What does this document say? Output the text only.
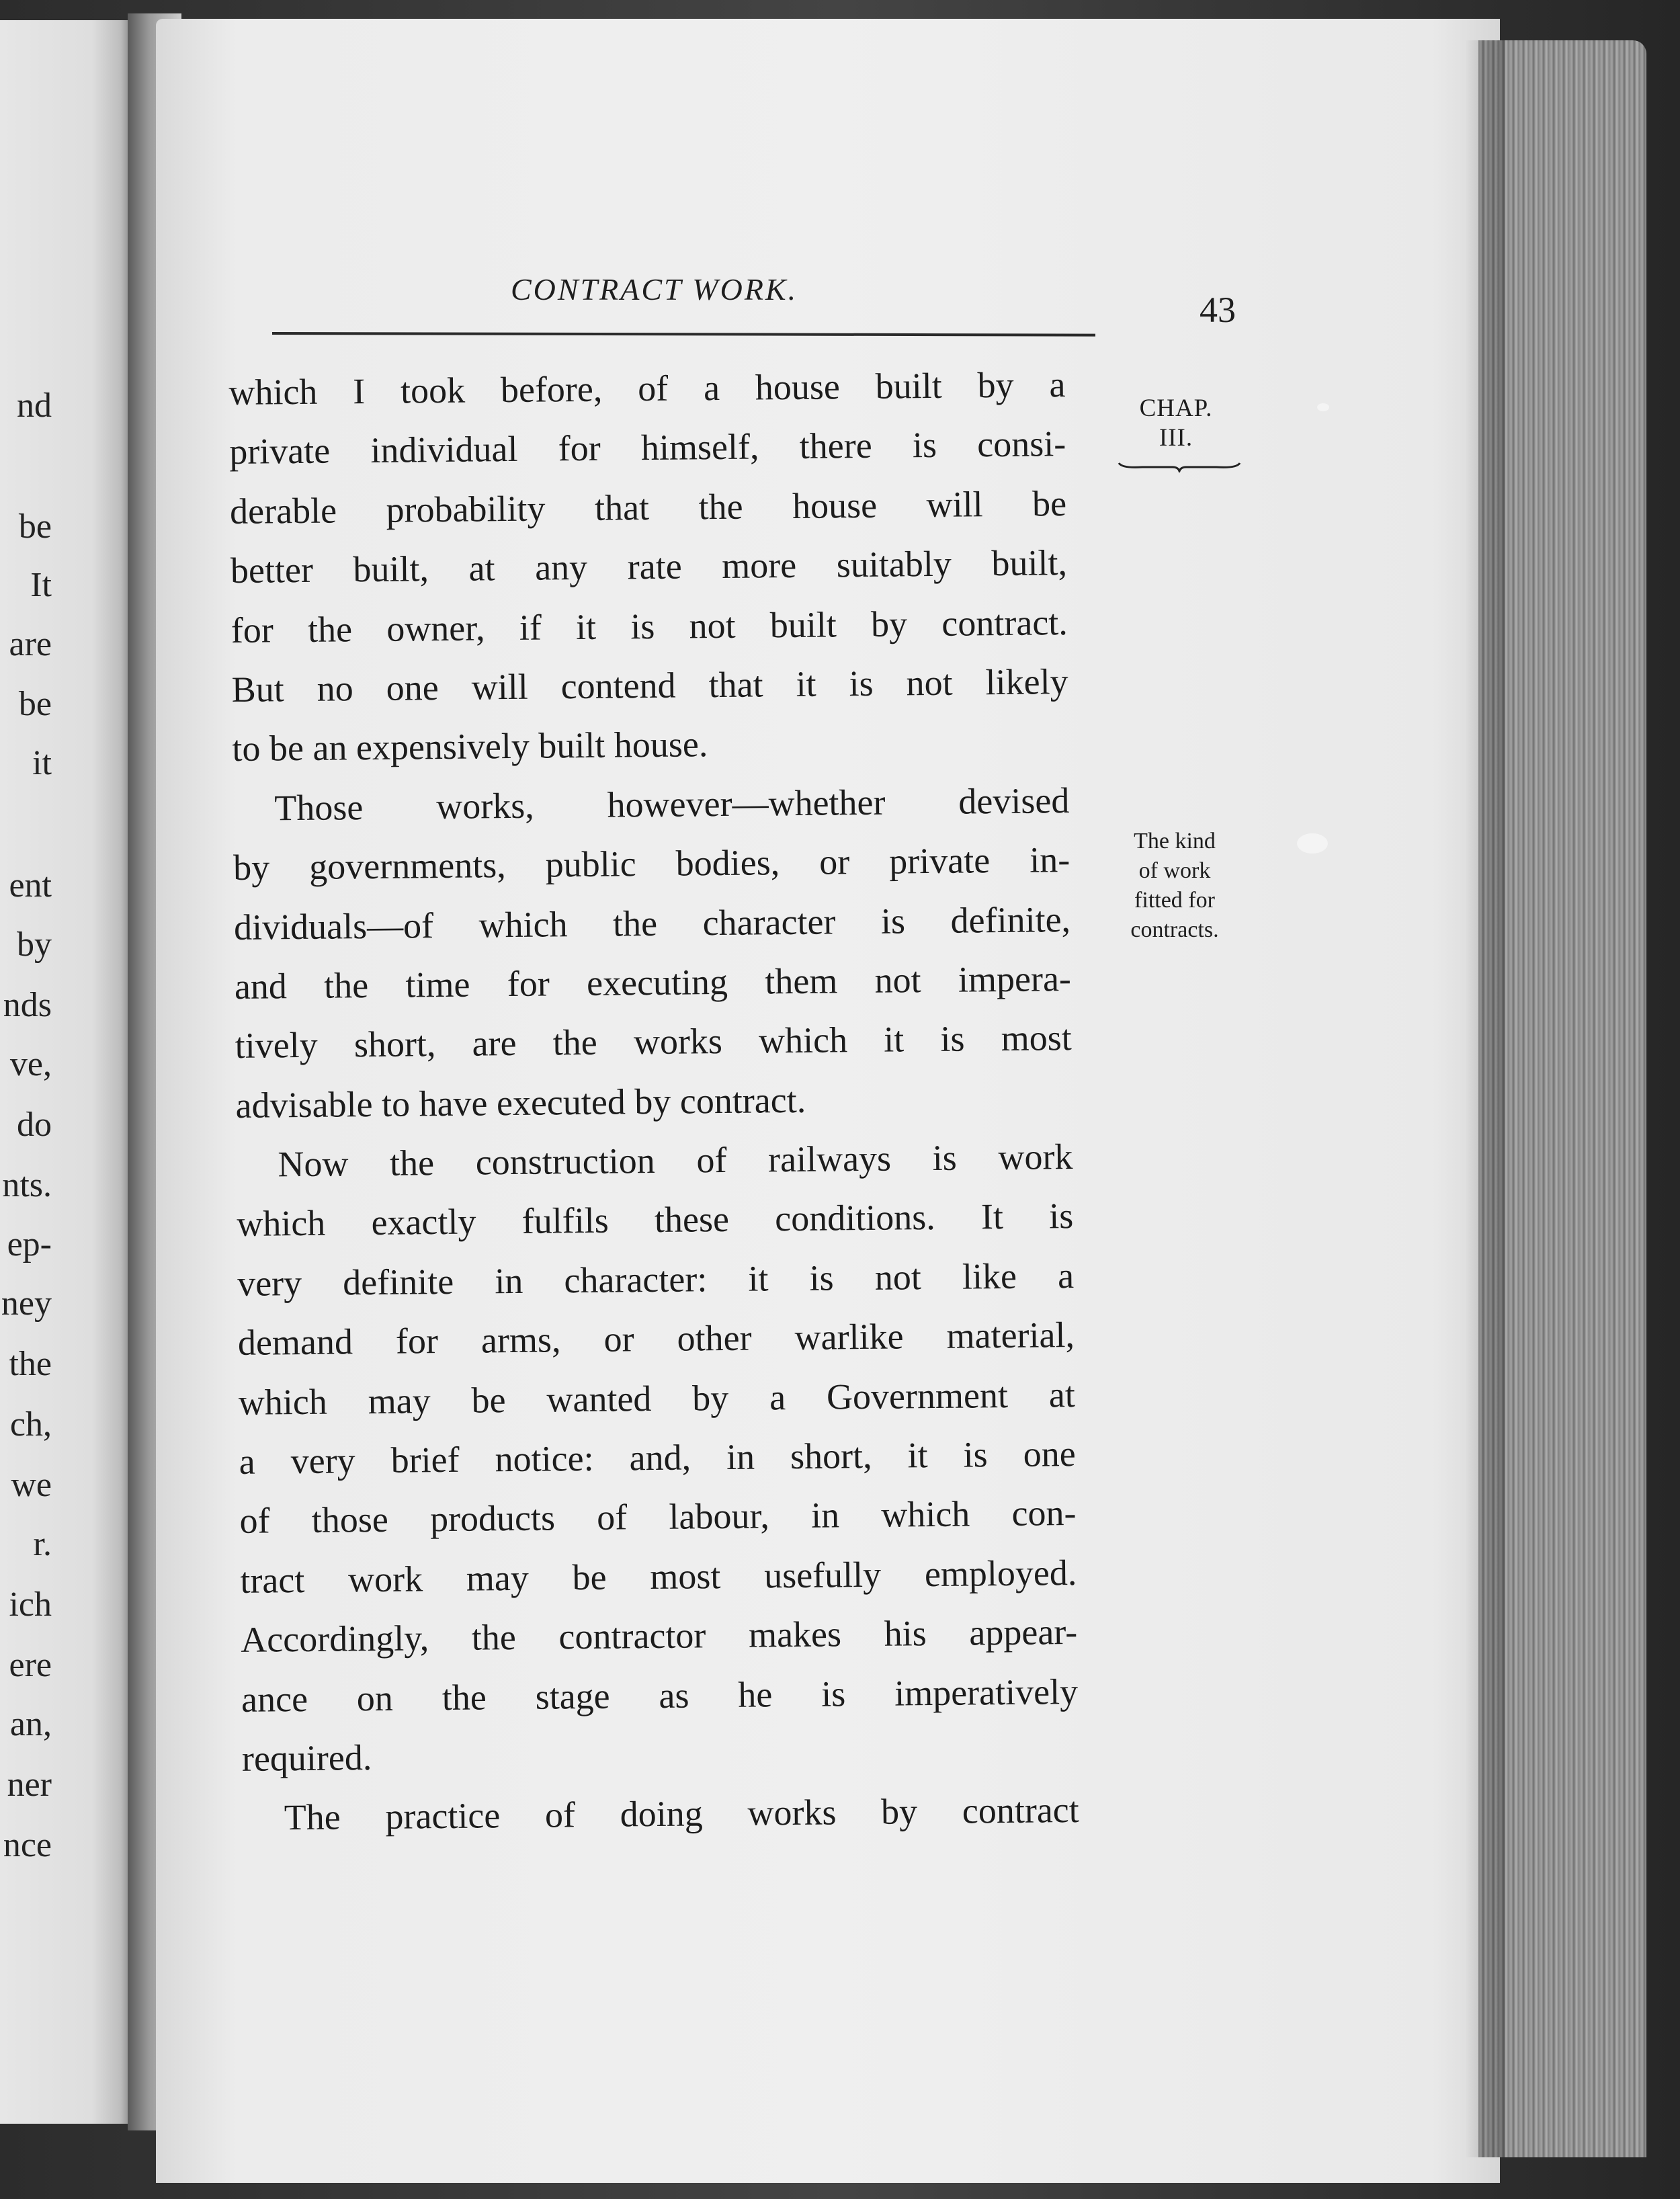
nd
be
It
are
be
it
ent
by
nds
ve,
do
nts.
ep-
ney
the
ch,
we
r.
ich
ere
an,
ner
nce
CONTRACT WORK.
43
CHAP.
III.
The kind
of work
fitted for
contracts.
which I took before, of a house built by a
private individual for himself, there is consi-
derable probability that the house will be
better built, at any rate more suitably built,
for the owner, if it is not built by contract.
But no one will contend that it is not likely
to be an expensively built house.
Those works, however—whether devised
by governments, public bodies, or private in-
dividuals—of which the character is definite,
and the time for executing them not impera-
tively short, are the works which it is most
advisable to have executed by contract.
Now the construction of railways is work
which exactly fulfils these conditions. It is
very definite in character: it is not like a
demand for arms, or other warlike material,
which may be wanted by a Government at
a very brief notice: and, in short, it is one
of those products of labour, in which con-
tract work may be most usefully employed.
Accordingly, the contractor makes his appear-
ance on the stage as he is imperatively
required.
The practice of doing works by contract
